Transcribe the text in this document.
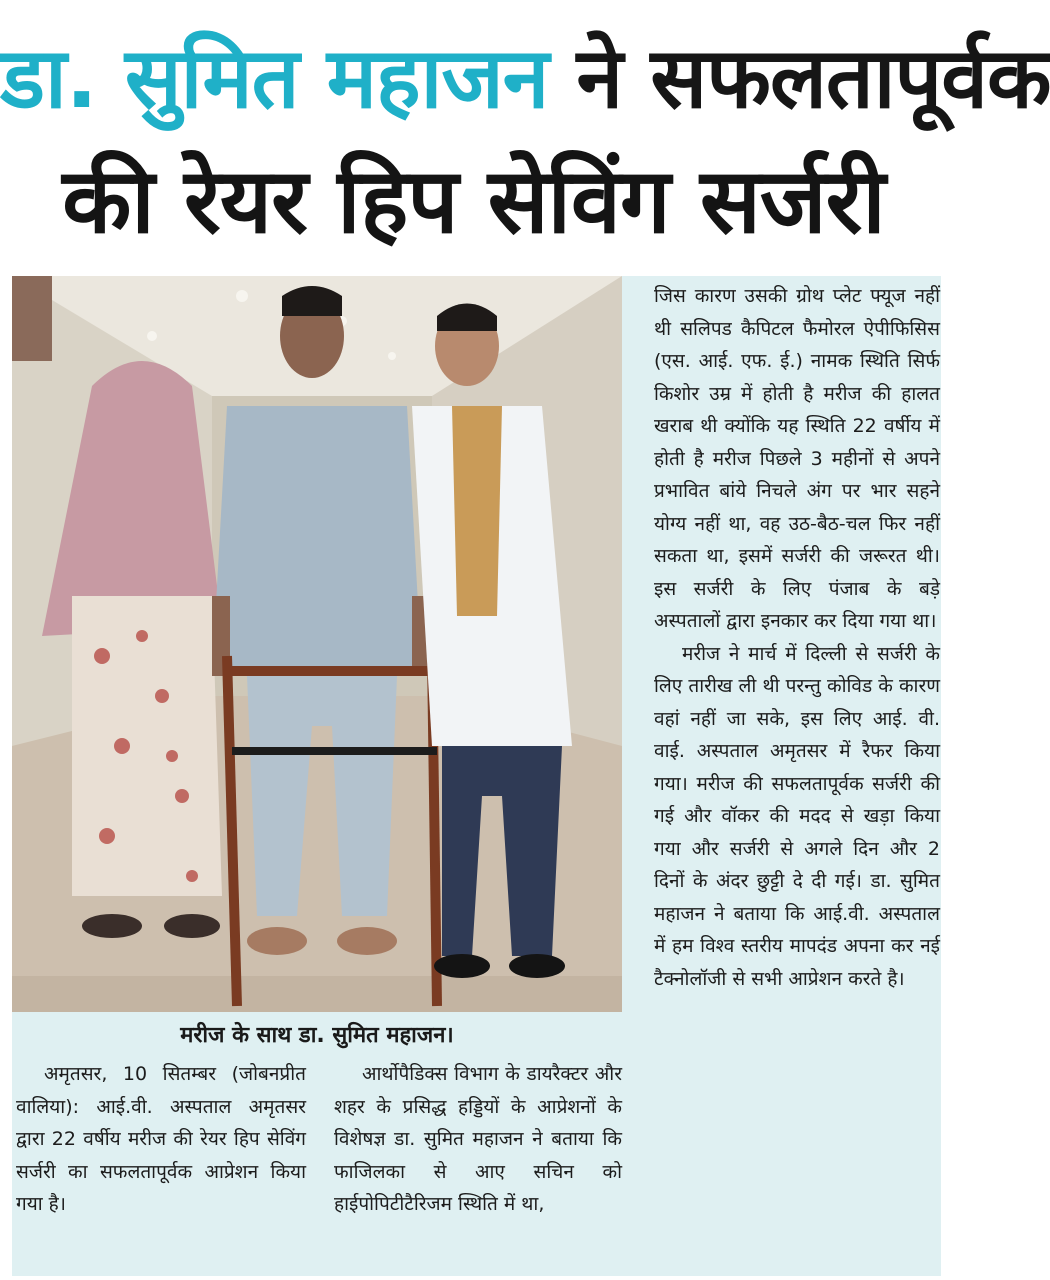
डा. सुमित महाजन ने सफलतापूर्वक
की रेयर हिप सेविंग सर्जरी
मरीज के साथ डा. सुमित महाजन।

अमृतसर, 10 सितम्बर (जोबनप्रीत वालिया): आई.वी. अस्पताल अमृतसर द्वारा 22 वर्षीय मरीज की रेयर हिप सेविंग सर्जरी का सफलतापूर्वक आप्रेशन किया गया है।

आर्थोपैडिक्स विभाग के डायरैक्टर और शहर के प्रसिद्ध हड्डियों के आप्रेशनों के विशेषज्ञ डा. सुमित महाजन ने बताया कि फाजिलका से आए सचिन को हाईपोपिटीटैरिजम स्थिति में था,

जिस कारण उसकी ग्रोथ प्लेट फ्यूज नहीं थी सलिपड कैपिटल फैमोरल ऐपीफिसिस (एस. आई. एफ. ई.) नामक स्थिति सिर्फ किशोर उम्र में होती है मरीज की हालत खराब थी क्योंकि यह स्थिति 22 वर्षीय में होती है मरीज पिछले 3 महीनों से अपने प्रभावित बांये निचले अंग पर भार सहने योग्य नहीं था, वह उठ-बैठ-चल फिर नहीं सकता था, इसमें सर्जरी की जरूरत थी। इस सर्जरी के लिए पंजाब के बड़े अस्पतालों द्वारा इनकार कर दिया गया था।

मरीज ने मार्च में दिल्ली से सर्जरी के लिए तारीख ली थी परन्तु कोविड के कारण वहां नहीं जा सके, इस लिए आई. वी. वाई. अस्पताल अमृतसर में रैफर किया गया। मरीज की सफलतापूर्वक सर्जरी की गई और वॉकर की मदद से खड़ा किया गया और सर्जरी से अगले दिन और 2 दिनों के अंदर छुट्टी दे दी गई। डा. सुमित महाजन ने बताया कि आई.वी. अस्पताल में हम विश्व स्तरीय मापदंड अपना कर नई टैक्नोलॉजी से सभी आप्रेशन करते है।
